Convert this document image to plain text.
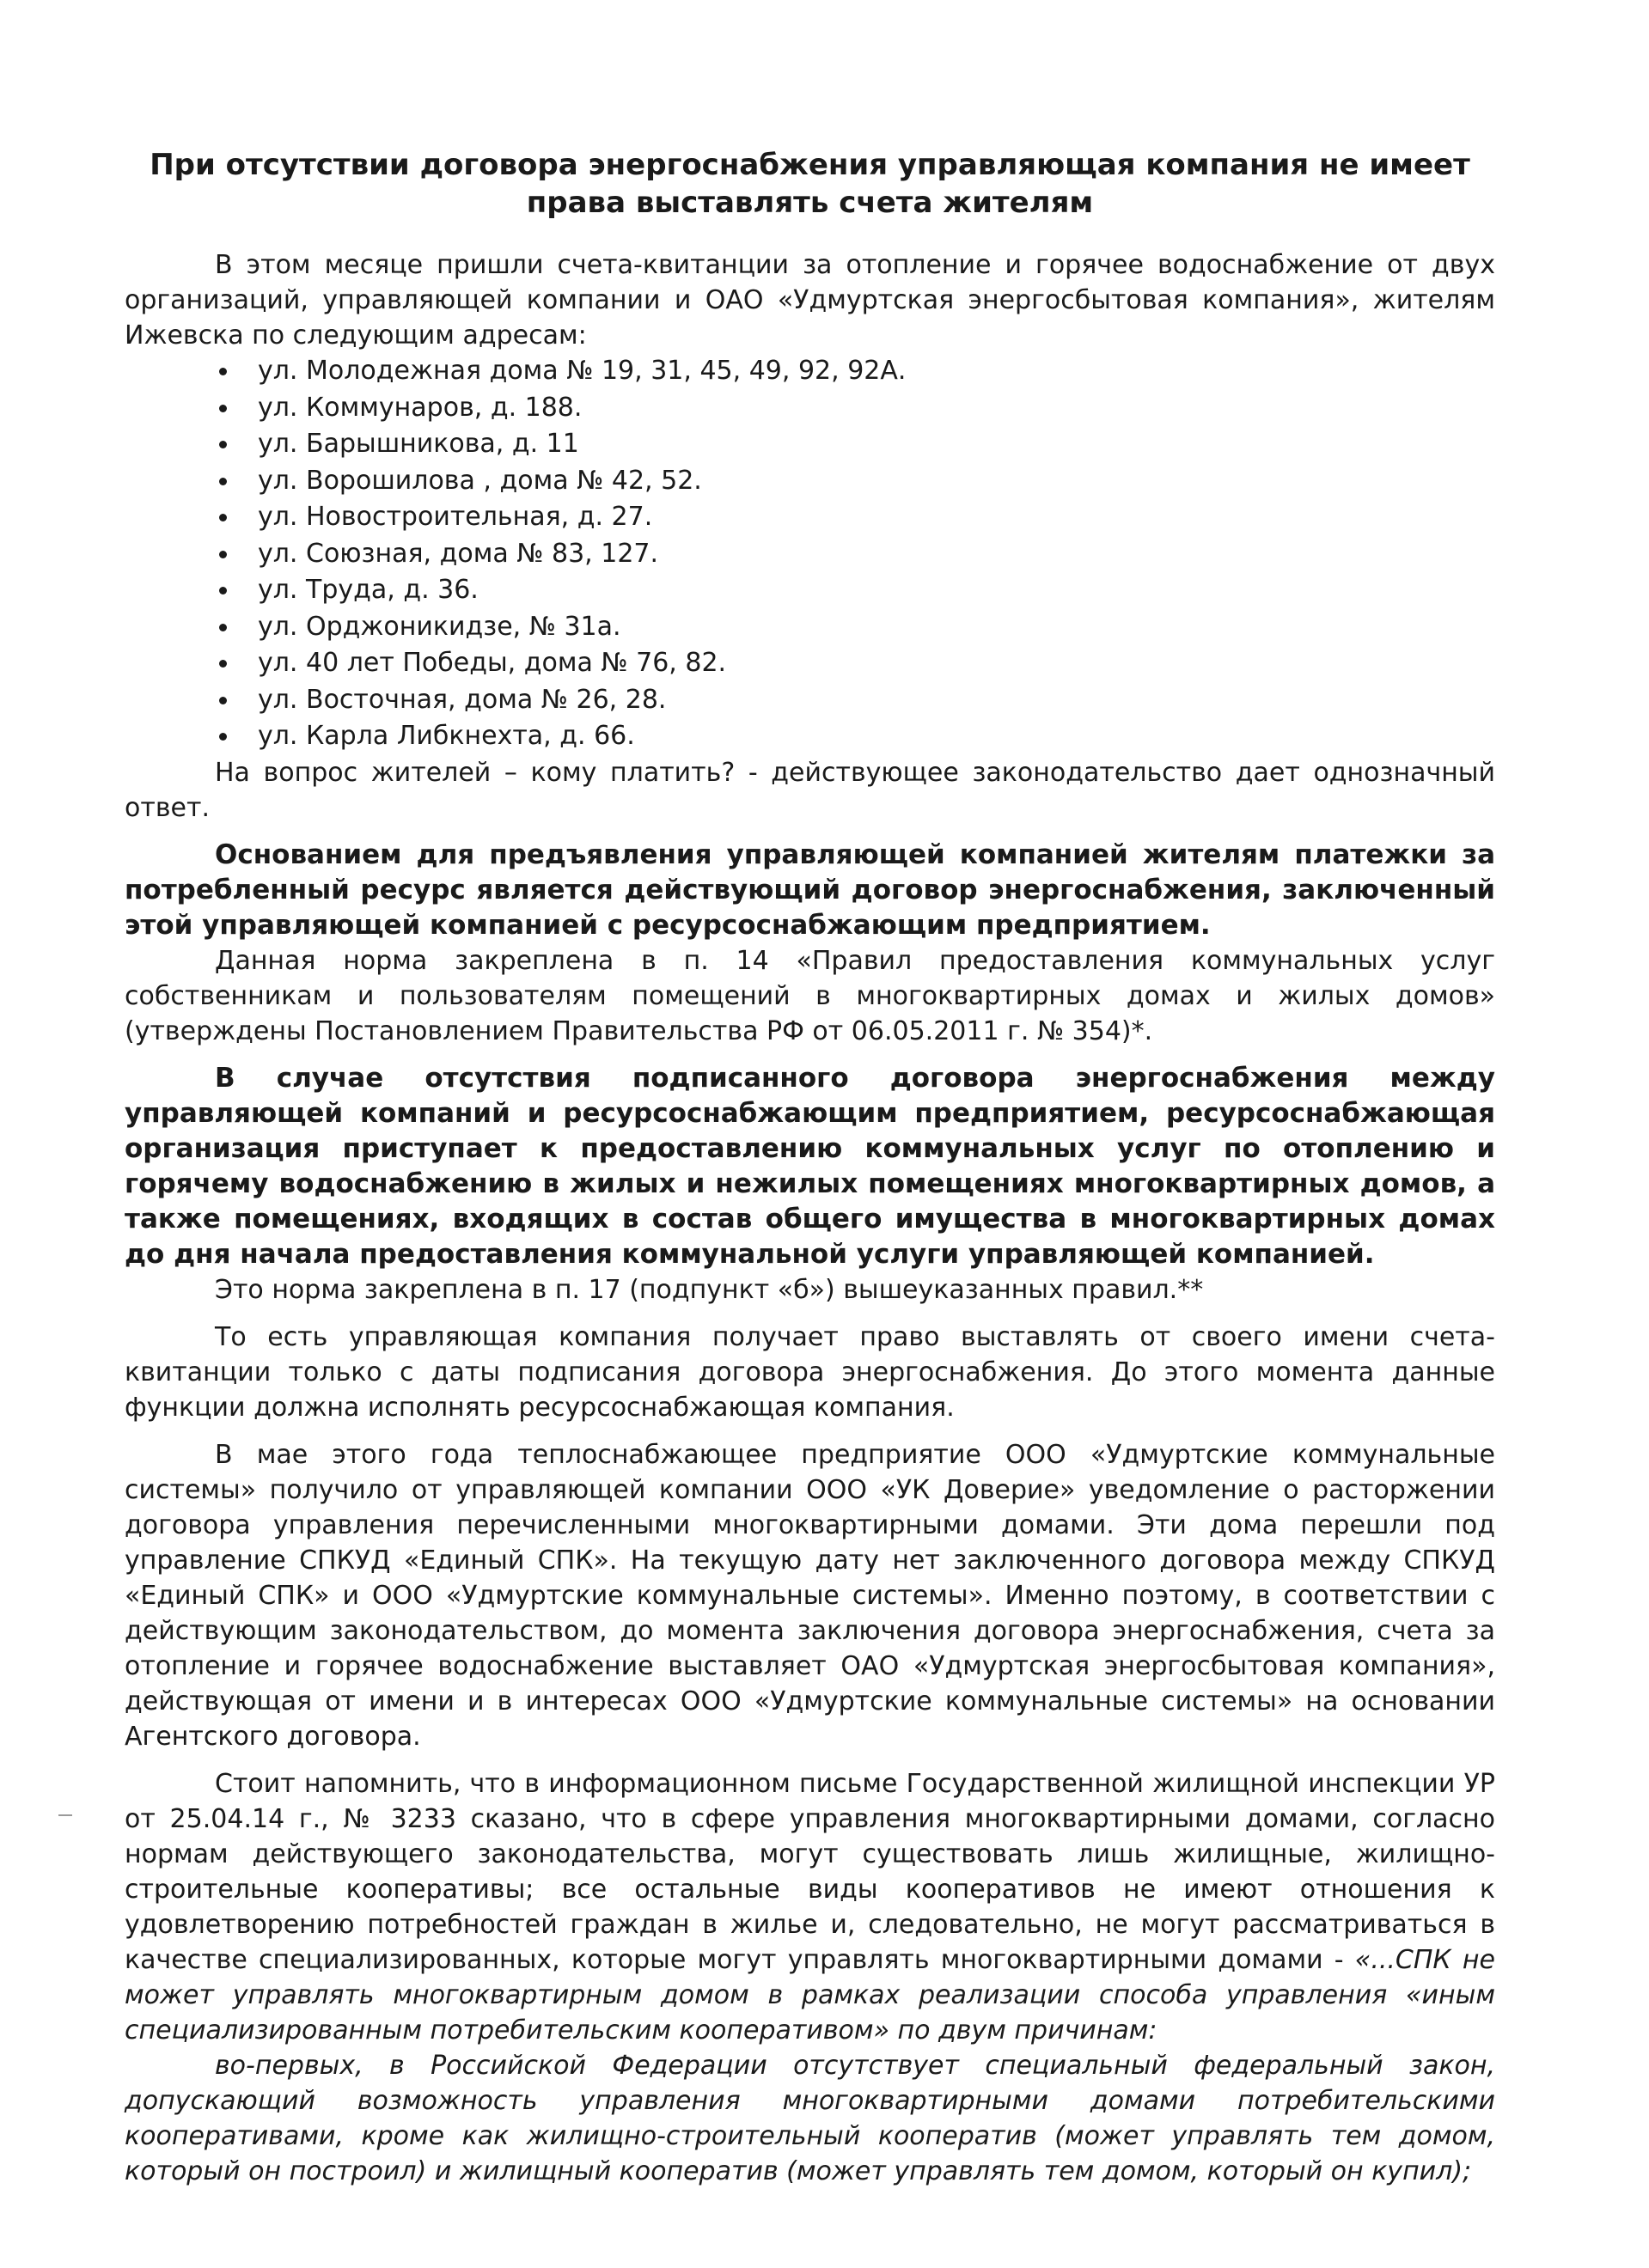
При отсутствии договора энергоснабжения управляющая компания не имеет права выставлять счета жителям

В этом месяце пришли счета-квитанции за отопление и горячее водоснабжение от двух организаций, управляющей компании и ОАО «Удмуртская энергосбытовая компания», жителям Ижевска по следующим адресам:

ул. Молодежная дома № 19, 31, 45, 49, 92, 92А.
ул. Коммунаров, д. 188.
ул. Барышникова, д. 11
ул. Ворошилова , дома № 42, 52.
ул. Новостроительная, д. 27.
ул. Союзная, дома № 83, 127.
ул. Труда, д. 36.
ул. Орджоникидзе, № 31а.
ул. 40 лет Победы, дома № 76, 82.
ул. Восточная, дома № 26, 28.
ул. Карла Либкнехта, д. 66.

На вопрос жителей – кому платить? - действующее законодательство дает однозначный ответ.

Основанием для предъявления управляющей компанией жителям платежки за потребленный ресурс является действующий договор энергоснабжения, заключенный этой управляющей компанией с ресурсоснабжающим предприятием.

Данная норма закреплена в п. 14 «Правил предоставления коммунальных услуг собственникам и пользователям помещений в многоквартирных домах и жилых домов» (утверждены Постановлением Правительства РФ от 06.05.2011 г. № 354)*.

В случае отсутствия подписанного договора энергоснабжения между управляющей компаний и ресурсоснабжающим предприятием, ресурсоснабжающая организация приступает к предоставлению коммунальных услуг по отоплению и горячему водоснабжению в жилых и нежилых помещениях многоквартирных домов, а также помещениях, входящих в состав общего имущества в многоквартирных домах до дня начала предоставления коммунальной услуги управляющей компанией.

Это норма закреплена в п. 17 (подпункт «б») вышеуказанных правил.**

То есть управляющая компания получает право выставлять от своего имени счета-квитанции только с даты подписания договора энергоснабжения. До этого момента данные функции должна исполнять ресурсоснабжающая компания.

В мае этого года теплоснабжающее предприятие ООО «Удмуртские коммунальные системы» получило от управляющей компании ООО «УК Доверие» уведомление о расторжении договора управления перечисленными многоквартирными домами. Эти дома перешли под управление СПКУД «Единый СПК». На текущую дату нет заключенного договора между СПКУД «Единый СПК» и ООО «Удмуртские коммунальные системы». Именно поэтому, в соответствии с действующим законодательством, до момента заключения договора энергоснабжения, счета за отопление и горячее водоснабжение выставляет ОАО «Удмуртская энергосбытовая компания», действующая от имени и в интересах ООО «Удмуртские коммунальные системы» на основании Агентского договора.

Стоит напомнить, что в информационном письме Государственной жилищной инспекции УР от 25.04.14 г., № 3233 сказано, что в сфере управления многоквартирными домами, согласно нормам действующего законодательства, могут существовать лишь жилищные, жилищно-строительные кооперативы; все остальные виды кооперативов не имеют отношения к удовлетворению потребностей граждан в жилье и, следовательно, не могут рассматриваться в качестве специализированных, которые могут управлять многоквартирными домами - «...СПК не может управлять многоквартирным домом в рамках реализации способа управления «иным специализированным потребительским кооперативом» по двум причинам:

во-первых, в Российской Федерации отсутствует специальный федеральный закон, допускающий возможность управления многоквартирными домами потребительскими кооперативами, кроме как жилищно-строительный кооператив (может управлять тем домом, который он построил) и жилищный кооператив (может управлять тем домом, который он купил);
